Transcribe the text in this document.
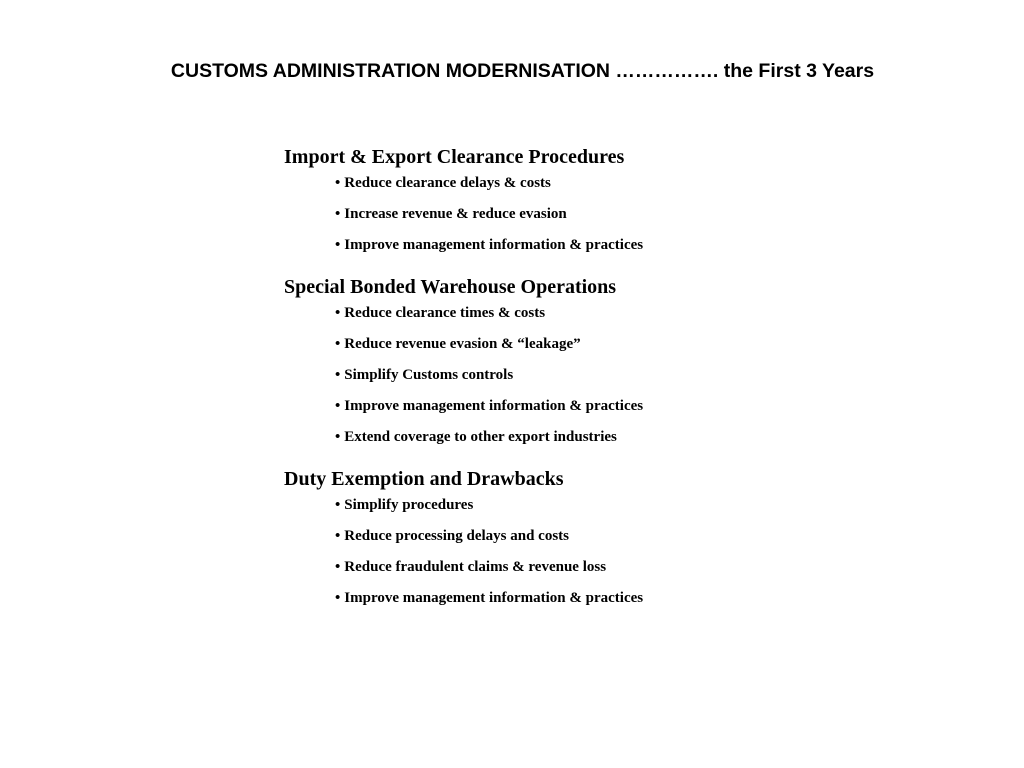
CUSTOMS ADMINISTRATION MODERNISATION ……………. the First 3 Years
Import & Export Clearance Procedures
• Reduce clearance delays & costs
• Increase revenue & reduce evasion
• Improve management information & practices
Special Bonded Warehouse Operations
• Reduce clearance times & costs
• Reduce revenue evasion & “leakage”
• Simplify Customs controls
• Improve management information & practices
• Extend coverage to other export industries
Duty Exemption and Drawbacks
• Simplify procedures
• Reduce processing delays and costs
• Reduce fraudulent claims & revenue loss
• Improve management information & practices
